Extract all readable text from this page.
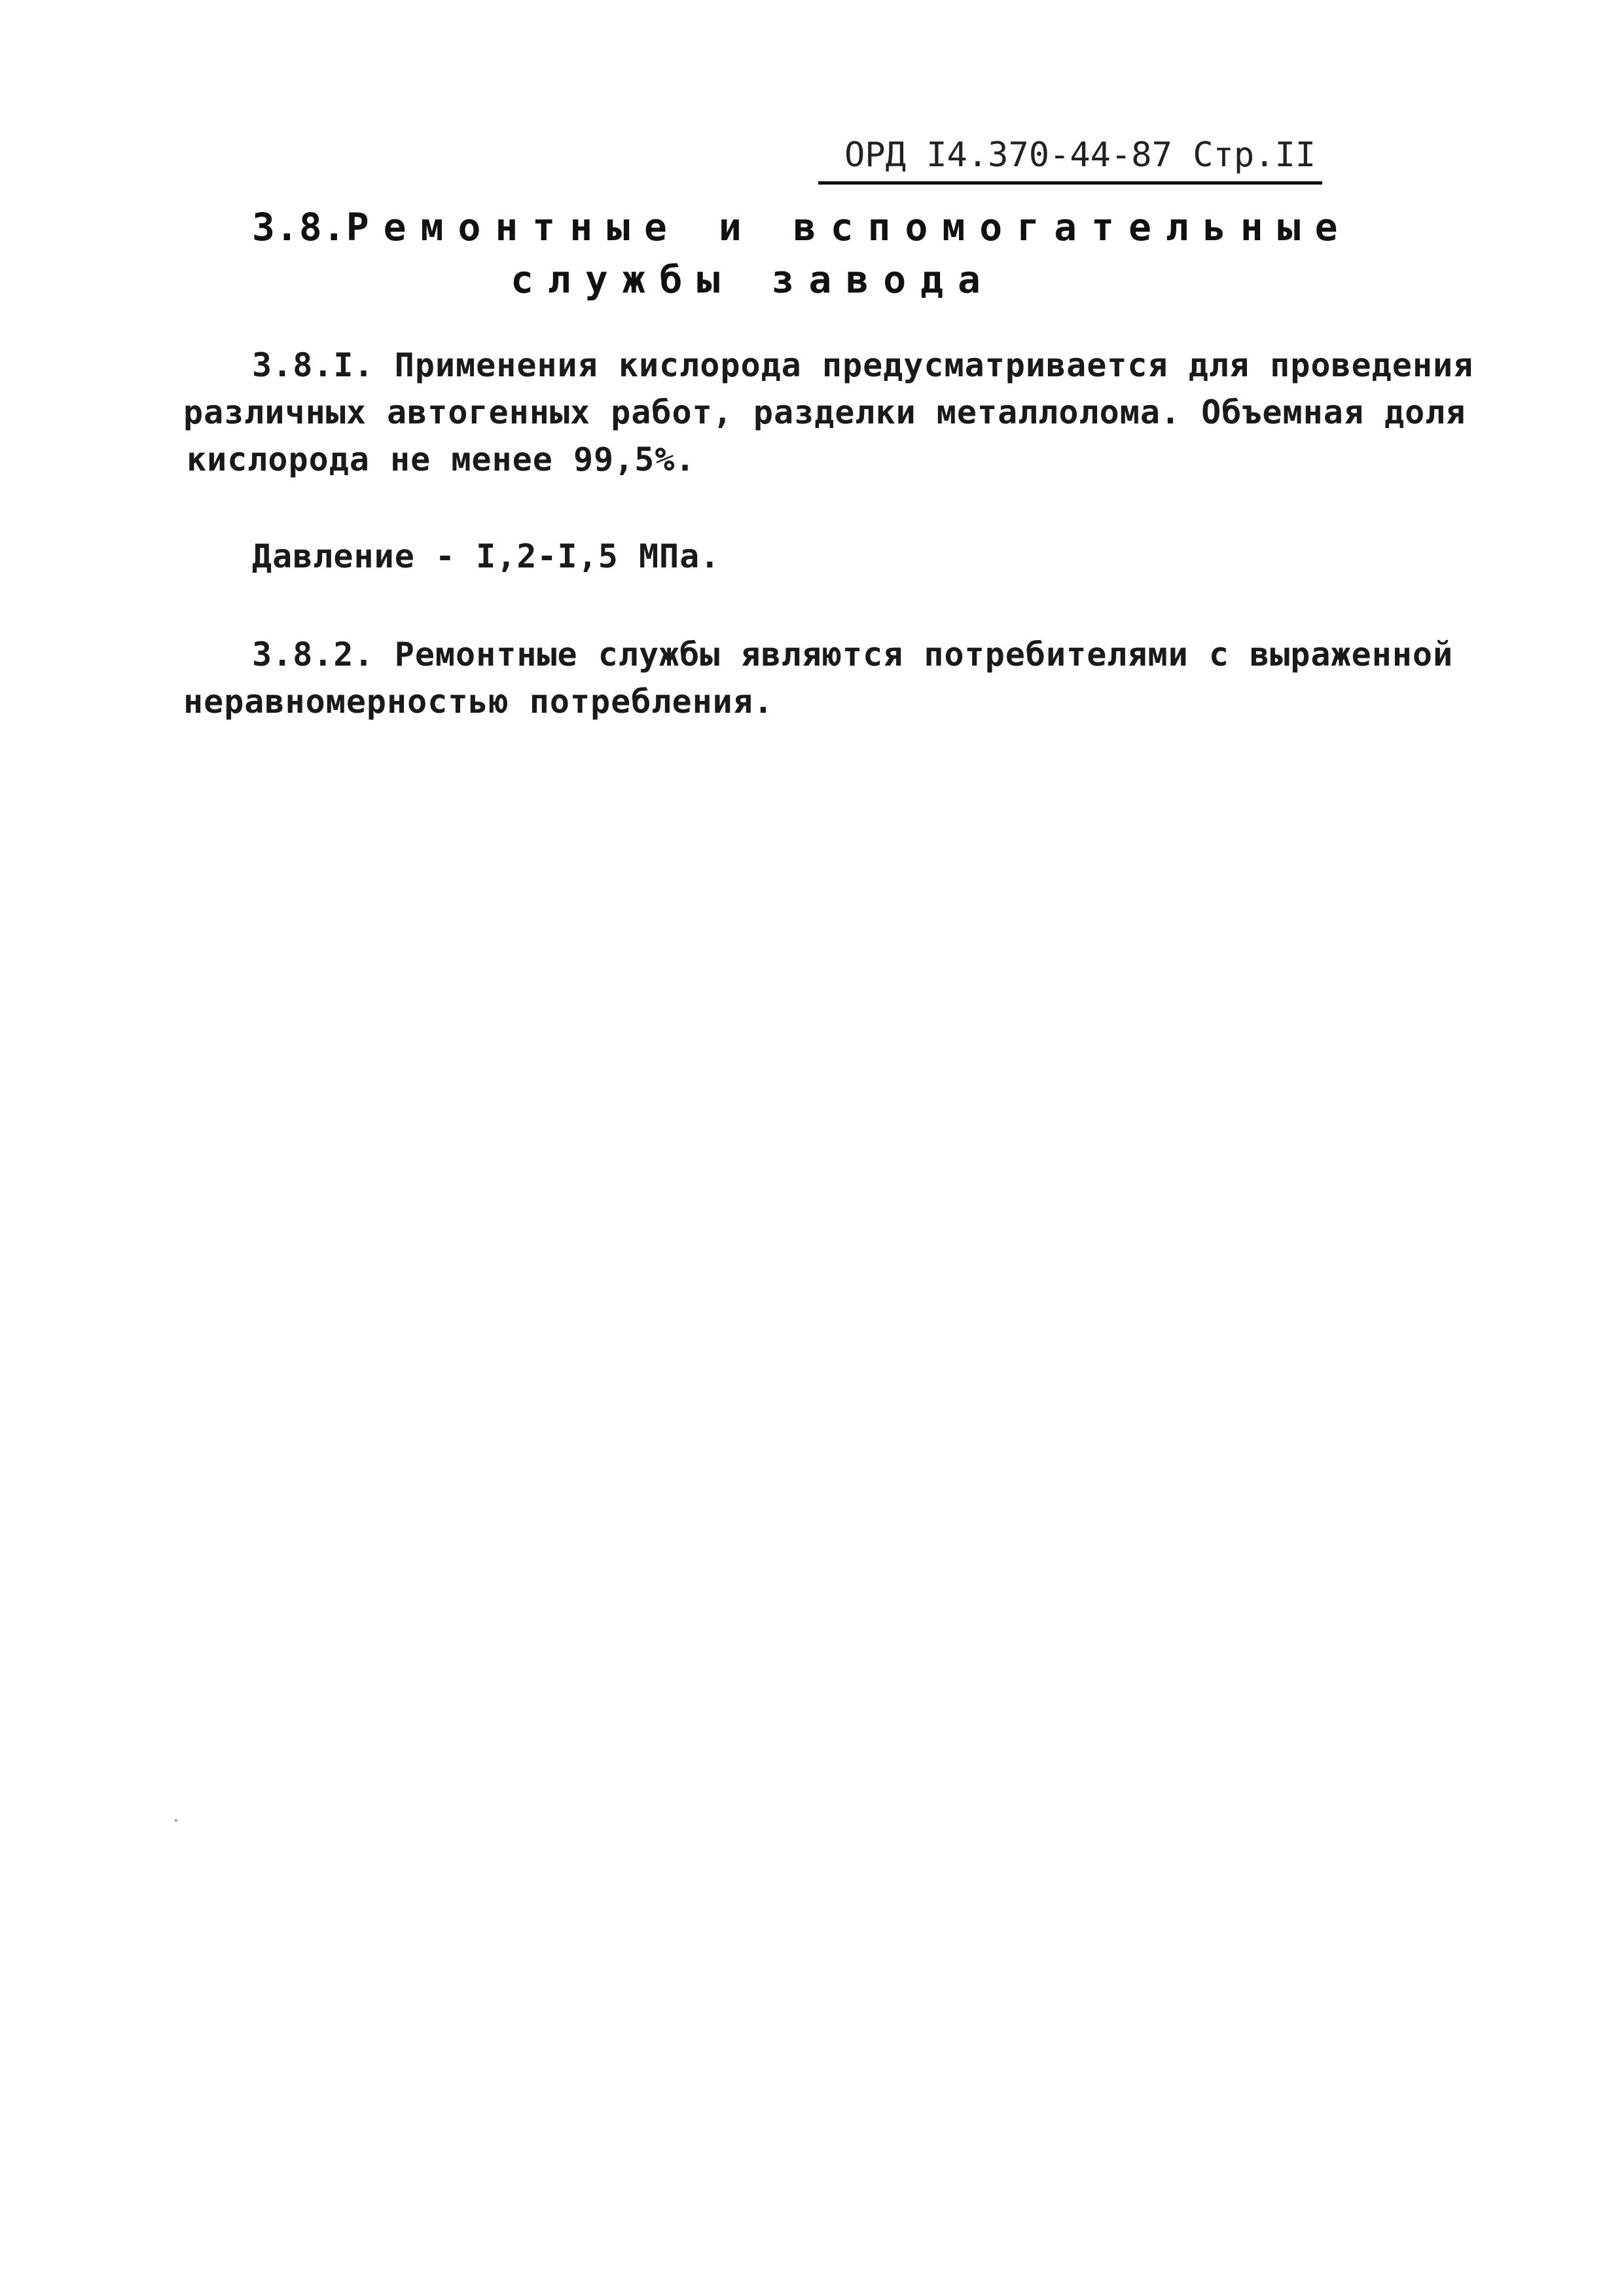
ОРД I4.370-44-87 Стр.II
3.8.Ремонтные и вспомогательные
службы завода
3.8.I. Применения кислорода предусматривается для проведения
различных автогенных работ, разделки металлолома. Объемная доля
кислорода не менее 99,5%.
Давление - I,2-I,5 МПа.
3.8.2. Ремонтные службы являются потребителями с выраженной
неравномерностью потребления.
